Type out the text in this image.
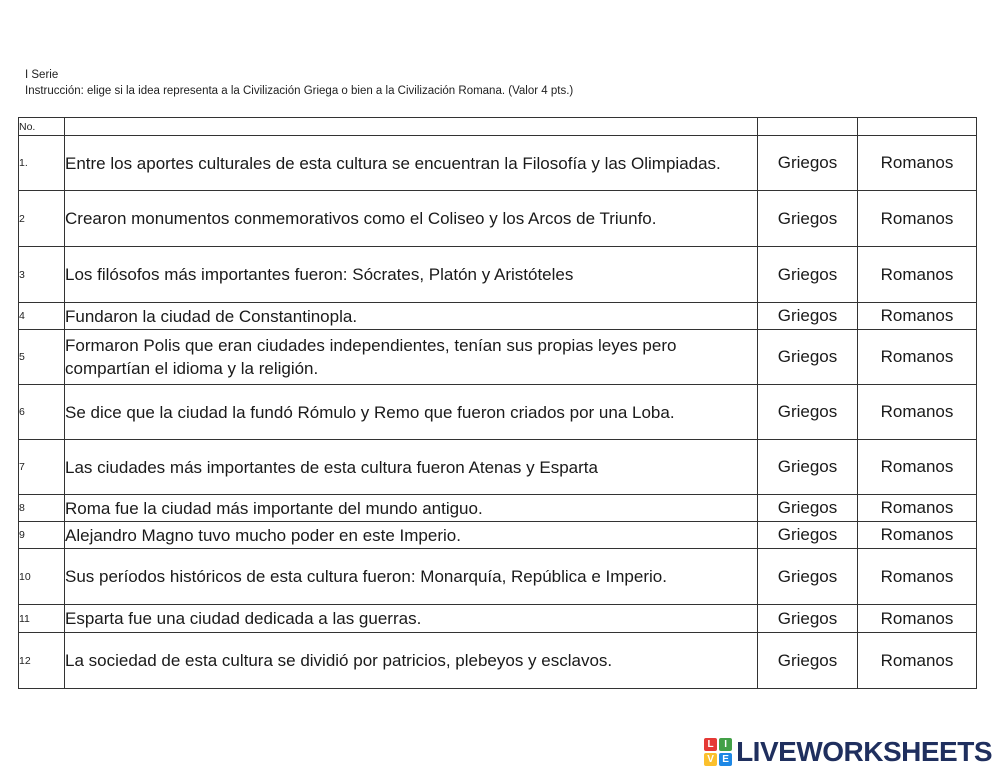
I Serie
Instrucción: elige si la idea representa a la Civilización Griega o bien a la Civilización Romana. (Valor 4 pts.)
No.			
1.	Entre los aportes culturales de esta cultura se encuentran la Filosofía y las Olimpiadas.	Griegos	Romanos
2	Crearon monumentos conmemorativos como el Coliseo y los Arcos de Triunfo.	Griegos	Romanos
3	Los filósofos más importantes fueron: Sócrates, Platón y Aristóteles	Griegos	Romanos
4	Fundaron la ciudad de Constantinopla.	Griegos	Romanos
5	Formaron Polis que eran ciudades independientes, tenían sus propias leyes pero compartían el idioma y la religión.	Griegos	Romanos
6	Se dice que la ciudad la fundó Rómulo y Remo que fueron criados por una Loba.	Griegos	Romanos
7	Las ciudades más importantes de esta cultura fueron Atenas y Esparta	Griegos	Romanos
8	Roma fue la ciudad más importante del mundo antiguo.	Griegos	Romanos
9	Alejandro Magno tuvo mucho poder en este Imperio.	Griegos	Romanos
10	Sus períodos históricos de esta cultura fueron: Monarquía, República e Imperio.	Griegos	Romanos
11	Esparta fue una ciudad dedicada a las guerras.	Griegos	Romanos
12	La sociedad de esta cultura se dividió por patricios, plebeyos y esclavos.	Griegos	Romanos
L	I
V E LIVEWORKSHEETS
